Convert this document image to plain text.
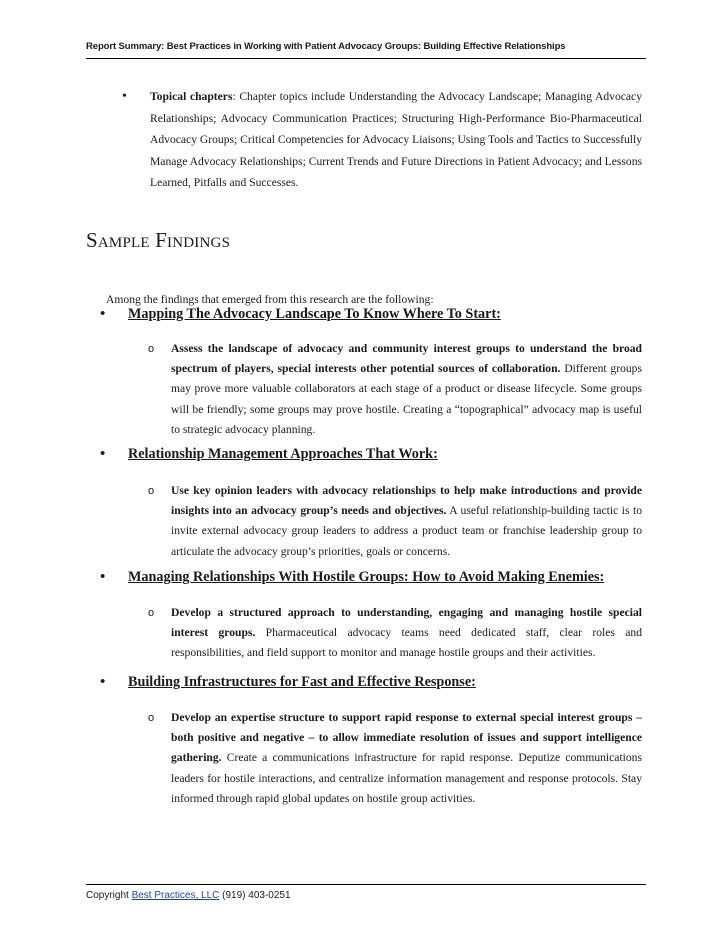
Report Summary: Best Practices in Working with Patient Advocacy Groups: Building Effective Relationships
• Topical chapters: Chapter topics include Understanding the Advocacy Landscape; Managing Advocacy Relationships; Advocacy Communication Practices; Structuring High-Performance Bio-Pharmaceutical Advocacy Groups; Critical Competencies for Advocacy Liaisons; Using Tools and Tactics to Successfully Manage Advocacy Relationships; Current Trends and Future Directions in Patient Advocacy; and Lessons Learned, Pitfalls and Successes.
Sample Findings
Among the findings that emerged from this research are the following:
• Mapping The Advocacy Landscape To Know Where To Start:
o Assess the landscape of advocacy and community interest groups to understand the broad spectrum of players, special interests other potential sources of collaboration. Different groups may prove more valuable collaborators at each stage of a product or disease lifecycle. Some groups will be friendly; some groups may prove hostile. Creating a “topographical” advocacy map is useful to strategic advocacy planning.
• Relationship Management Approaches That Work:
o Use key opinion leaders with advocacy relationships to help make introductions and provide insights into an advocacy group’s needs and objectives. A useful relationship-building tactic is to invite external advocacy group leaders to address a product team or franchise leadership group to articulate the advocacy group’s priorities, goals or concerns.
• Managing Relationships With Hostile Groups: How to Avoid Making Enemies:
o Develop a structured approach to understanding, engaging and managing hostile special interest groups. Pharmaceutical advocacy teams need dedicated staff, clear roles and responsibilities, and field support to monitor and manage hostile groups and their activities.
• Building Infrastructures for Fast and Effective Response:
o Develop an expertise structure to support rapid response to external special interest groups – both positive and negative – to allow immediate resolution of issues and support intelligence gathering. Create a communications infrastructure for rapid response. Deputize communications leaders for hostile interactions, and centralize information management and response protocols. Stay informed through rapid global updates on hostile group activities.
Copyright Best Practices, LLC (919) 403-0251
